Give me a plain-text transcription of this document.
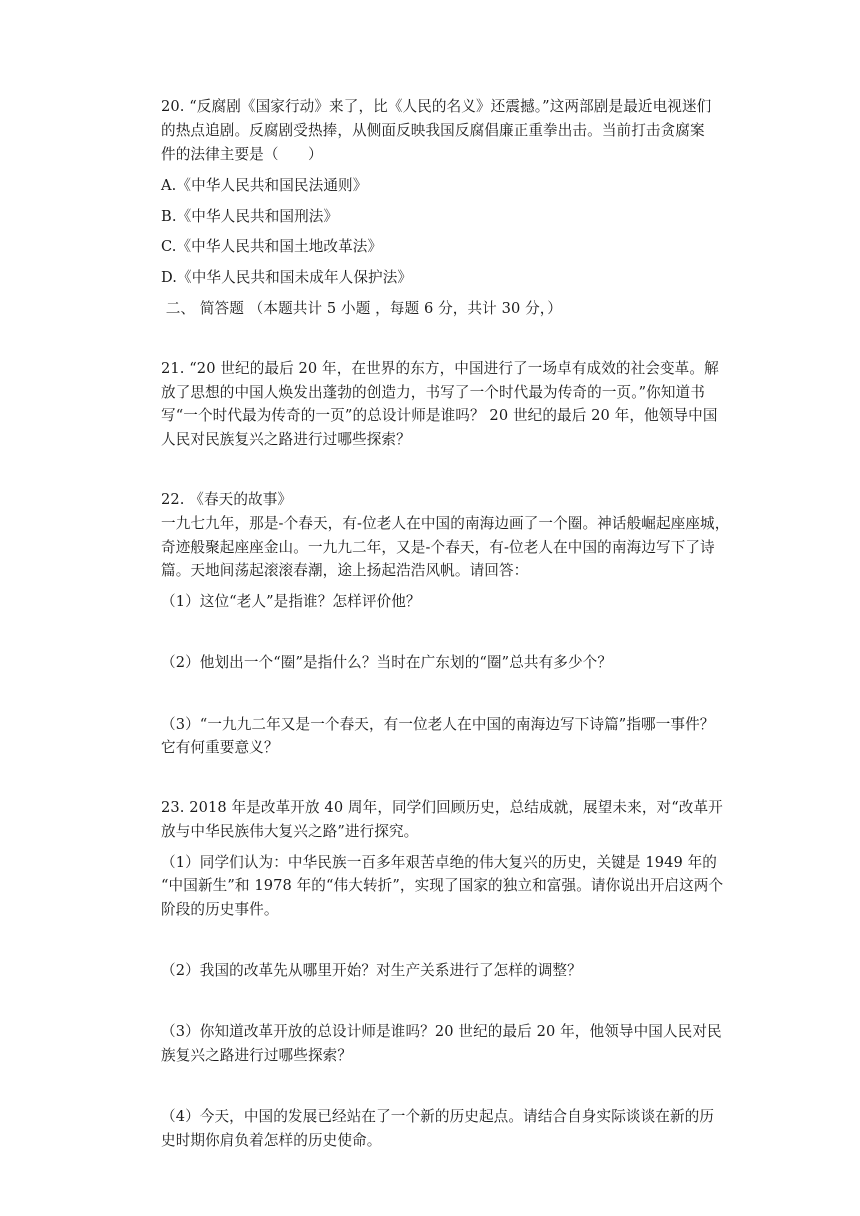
20. “反腐剧《国家行动》来了，比《人民的名义》还震撼。”这两部剧是最近电视迷们
的热点追剧。反腐剧受热捧，从侧面反映我国反腐倡廉正重拳出击。当前打击贪腐案
件的法律主要是（　　）
A.《中华人民共和国民法通则》
B.《中华人民共和国刑法》
C.《中华人民共和国土地改革法》
D.《中华人民共和国未成年人保护法》
二、 简答题 （本题共计 5 小题 ，每题 6 分，共计 30 分，）
21. “20 世纪的最后 20 年，在世界的东方，中国进行了一场卓有成效的社会变革。解
放了思想的中国人焕发出蓬勃的创造力，书写了一个时代最为传奇的一页。”你知道书
写“一个时代最为传奇的一页”的总设计师是谁吗？ 20 世纪的最后 20 年，他领导中国
人民对民族复兴之路进行过哪些探索？
22. 《春天的故事》
一九七九年，那是-个春天，有-位老人在中国的南海边画了一个圈。神话般崛起座座城，
奇迹般聚起座座金山。一九九二年，又是-个春天，有-位老人在中国的南海边写下了诗
篇。天地间荡起滚滚春潮，途上扬起浩浩风帆。请回答：
（1）这位“老人”是指谁？怎样评价他？
（2）他划出一个“圈”是指什么？当时在广东划的“圈”总共有多少个？
（3）“一九九二年又是一个春天，有一位老人在中国的南海边写下诗篇”指哪一事件？
它有何重要意义？
23. 2018 年是改革开放 40 周年，同学们回顾历史，总结成就，展望未来，对“改革开
放与中华民族伟大复兴之路”进行探究。
（1）同学们认为：中华民族一百多年艰苦卓绝的伟大复兴的历史，关键是 1949 年的
“中国新生”和 1978 年的“伟大转折”，实现了国家的独立和富强。请你说出开启这两个
阶段的历史事件。
（2）我国的改革先从哪里开始？对生产关系进行了怎样的调整？
（3）你知道改革开放的总设计师是谁吗？20 世纪的最后 20 年，他领导中国人民对民
族复兴之路进行过哪些探索？
（4）今天，中国的发展已经站在了一个新的历史起点。请结合自身实际谈谈在新的历
史时期你肩负着怎样的历史使命。
